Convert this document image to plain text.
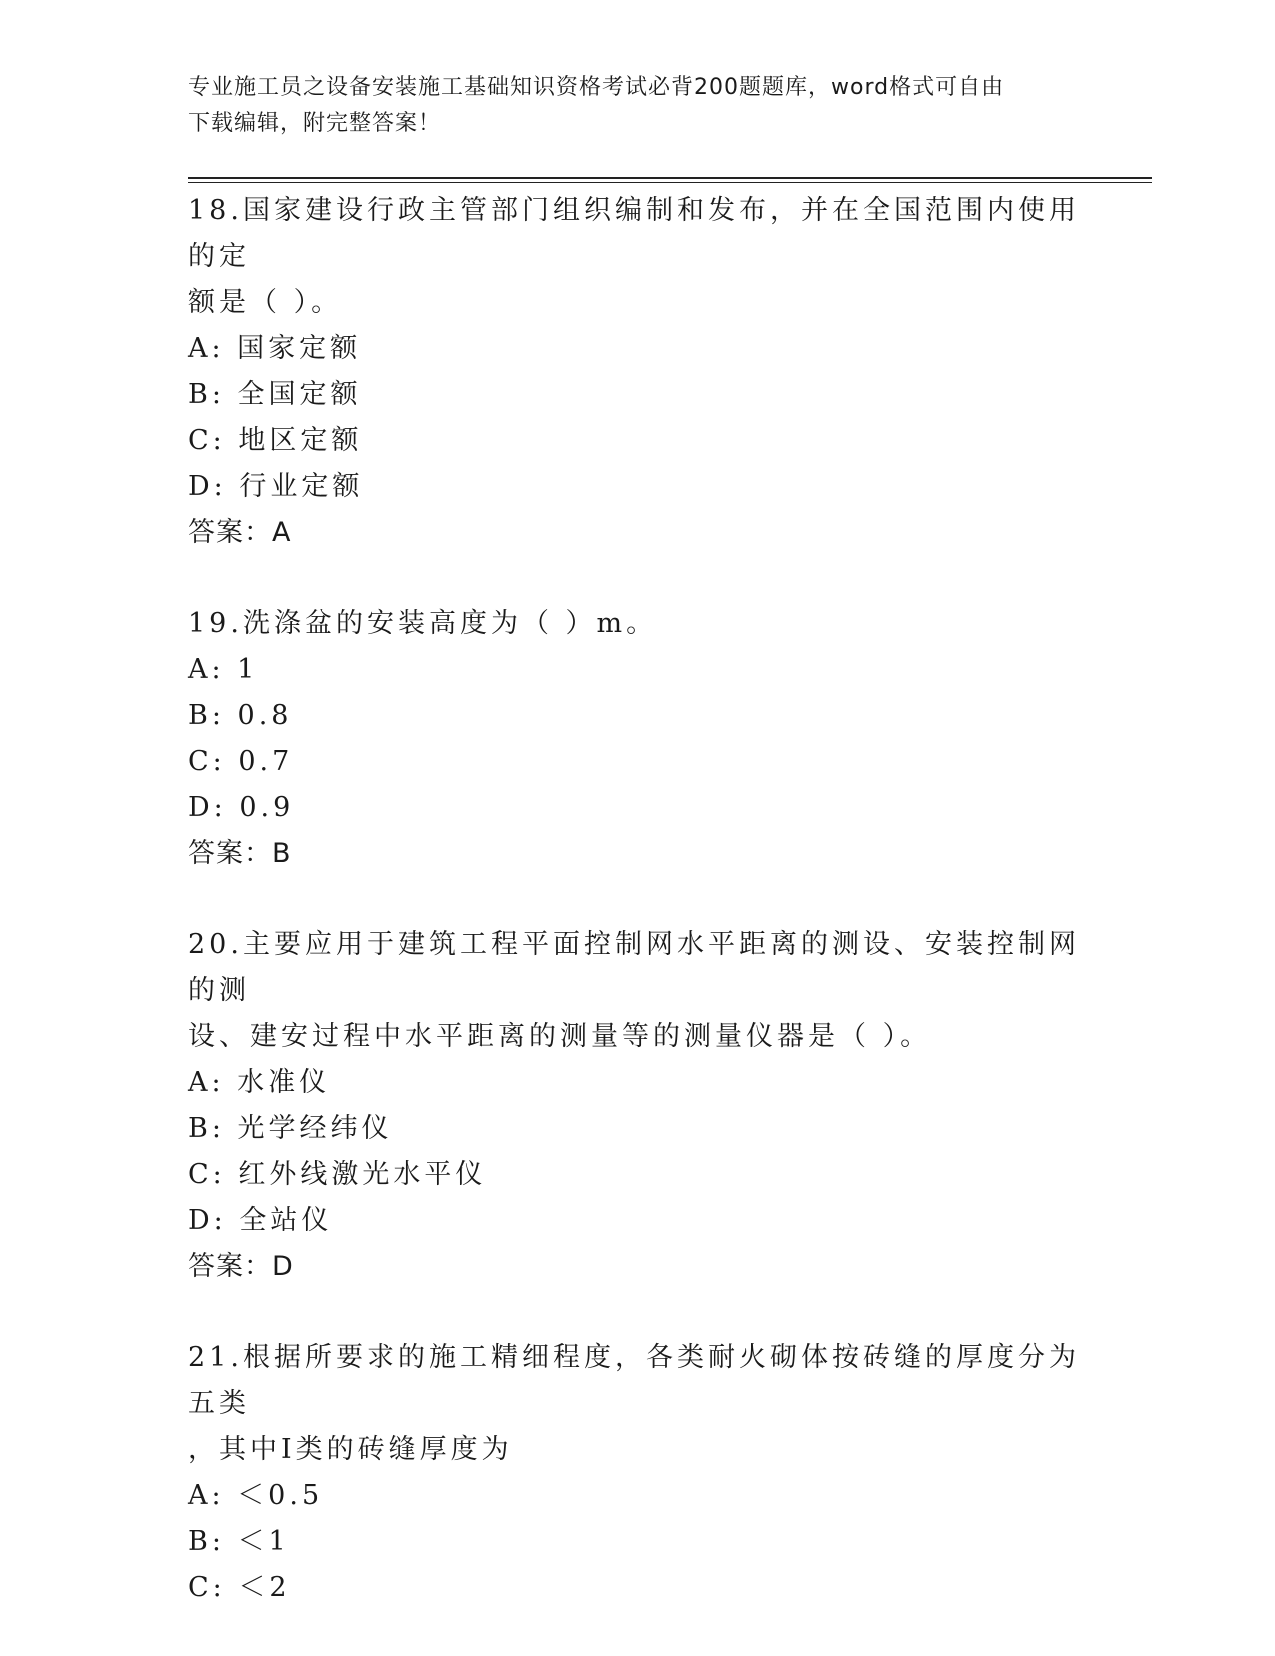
专业施工员之设备安装施工基础知识资格考试必背200题题库，word格式可自由
下载编辑，附完整答案！
18.国家建设行政主管部门组织编制和发布，并在全国范围内使用的定
额是（ ）。
A: 国家定额
B: 全国定额
C: 地区定额
D: 行业定额
答案：A
19.洗涤盆的安装高度为（ ）m。
A: 1
B: 0.8
C: 0.7
D: 0.9
答案：B
20.主要应用于建筑工程平面控制网水平距离的测设、安装控制网的测
设、建安过程中水平距离的测量等的测量仪器是（ ）。
A: 水准仪
B: 光学经纬仪
C: 红外线激光水平仪
D: 全站仪
答案：D
21.根据所要求的施工精细程度，各类耐火砌体按砖缝的厚度分为五类
，其中Ⅰ类的砖缝厚度为
A: ＜0.5
B: ＜1
C: ＜2
